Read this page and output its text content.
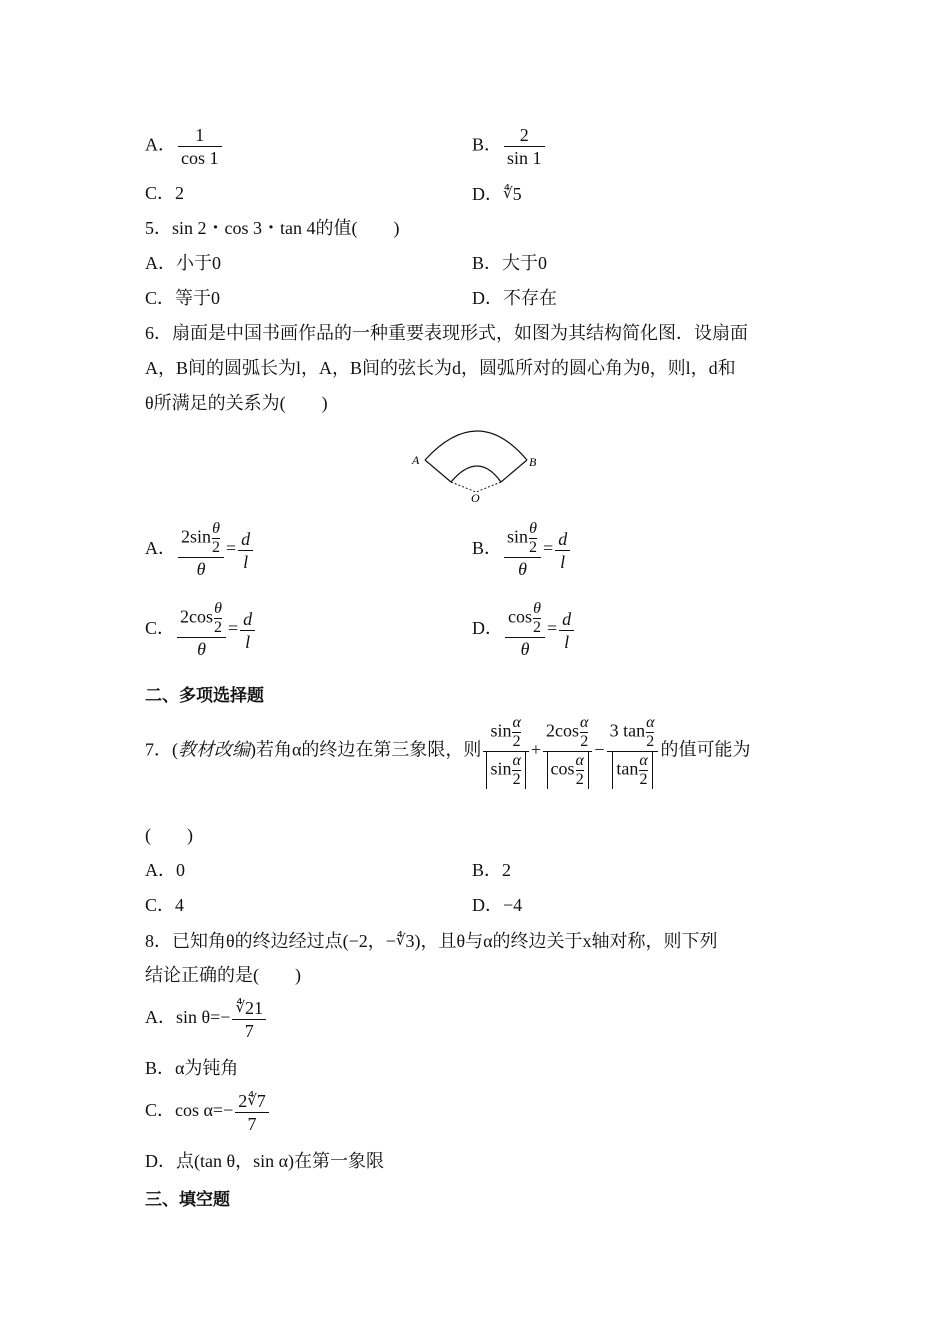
A． $\frac{1}{\cos 1}$	B． $\frac{2}{\sin 1}$
C．2	D．∜5
5．sin 2・cos 3・tan 4的值(　　)
A．小于0	B．大于0
C．等于0	D．不存在
6．扇面是中国书画作品的一种重要表现形式，如图为其结构简化图．设扇面
A，B间的圆弧长为l，A，B间的弦长为d，圆弧所对的圆心角为θ，则l，d和
θ所满足的关系为(　　)
A	B
O
A． $\frac{2\sin \frac{\theta}{2}}{\theta} = \frac{d}{l}$	B． $\frac{\sin \frac{\theta}{2}}{\theta} = \frac{d}{l}$
C． $\frac{2\cos \frac{\theta}{2}}{\theta} = \frac{d}{l}$	D． $\frac{\cos \frac{\theta}{2}}{\theta} = \frac{d}{l}$
二、多项选择题
7．(教材改编)若角α的终边在第三象限，则 $\frac{\sin \frac{\alpha}{2}}{\sin \frac{\alpha}{2}} + \frac{2\cos \frac{\alpha}{2}}{\cos \frac{\alpha}{2}} - \frac{3 \tan \frac{\alpha}{2}}{\tan \frac{\alpha}{2}}$ 的值可能为
(　　)
A．0	B．2
C．4	D．−4
8．已知角θ的终边经过点(−2，−∜3)，且θ与α的终边关于x轴对称，则下列
结论正确的是(　　)
A．$\sin \theta=- \frac{∜21}{7}$
B．α为钝角
C．$\cos \alpha=- \frac{2∜7}{7}$
D．点(tan θ，sin α)在第一象限
三、填空题
